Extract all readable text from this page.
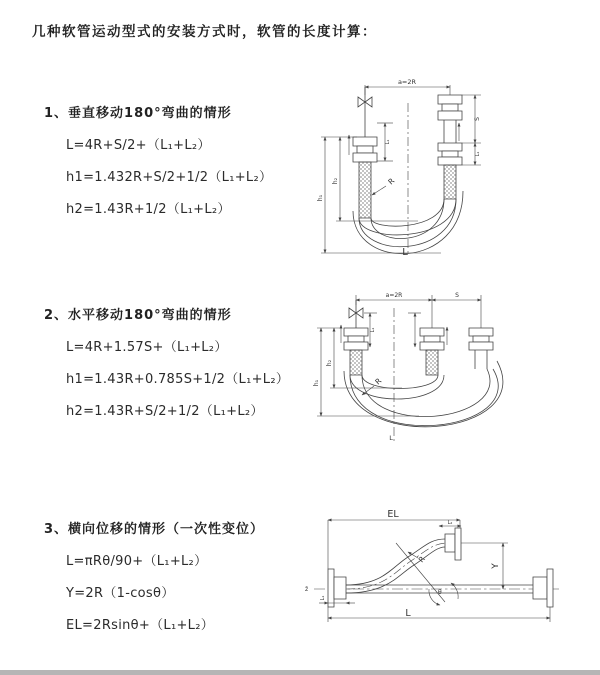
几种软管运动型式的安装方式时，软管的长度计算：
1、垂直移动180°弯曲的情形
L=4R+S/2+（L₁+L₂）
h1=1.432R+S/2+1/2（L₁+L₂）
h2=1.43R+1/2（L₁+L₂）
2、水平移动180°弯曲的情形
L=4R+1.57S+（L₁+L₂）
h1=1.43R+0.785S+1/2（L₁+L₂）
h2=1.43R+S/2+1/2（L₁+L₂）
3、横向位移的情形（一次性变位）
L=πRθ/90+（L₁+L₂）
Y=2R（1-cosθ）
EL=2Rsinθ+（L₁+L₂）
a=2R
h₁
h₂
L₁
S
L₁
R
L
a=2R	S
L₁
h₁
h₂
R
L
EL
L₂
R
θ
Y
L
L₁
z̄
